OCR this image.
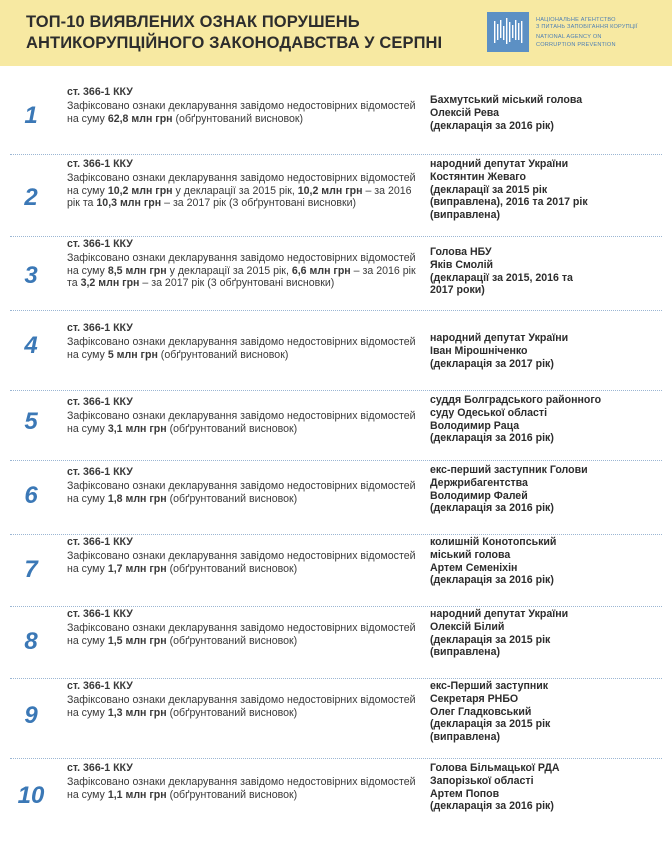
ТОП-10 ВИЯВЛЕНИХ ОЗНАК ПОРУШЕНЬ
АНТИКОРУПЦІЙНОГО ЗАКОНОДАВСТВА У СЕРПНІ
НАЦІОНАЛЬНЕ АГЕНТСТВО
З ПИТАНЬ ЗАПОБІГАННЯ КОРУПЦІЇ
NATIONAL AGENCY ON
CORRUPTION PREVENTION
1
ст. 366-1 ККУ
Зафіксовано ознаки декларування завідомо недостовірних відомостей на суму 62,8 млн грн (обґрунтований висновок)
Бахмутський міський голова
Олексій Рева
(декларація за 2016 рік)
2
ст. 366-1 ККУ
Зафіксовано ознаки декларування завідомо недостовірних відомостей на суму 10,2 млн грн у декларації за 2015 рік, 10,2 млн грн – за 2016 рік та 10,3 млн грн – за 2017 рік (3 обґрунтовані висновки)
народний депутат України
Костянтин Жеваго
(декларації за 2015 рік
(виправлена), 2016 та 2017 рік
(виправлена)
3
ст. 366-1 ККУ
Зафіксовано ознаки декларування завідомо недостовірних відомостей на суму 8,5 млн грн у декларації за 2015 рік, 6,6 млн грн – за 2016 рік та 3,2 млн грн – за 2017 рік (3 обґрунтовані висновки)
Голова НБУ
Яків Смолій
(декларації за 2015, 2016 та
2017 роки)
4
ст. 366-1 ККУ
Зафіксовано ознаки декларування завідомо недостовірних відомостей на суму 5 млн грн (обґрунтований висновок)
народний депутат України
Іван Мірошніченко
(декларація за 2017 рік)
5
ст. 366-1 ККУ
Зафіксовано ознаки декларування завідомо недостовірних відомостей на суму 3,1 млн грн (обґрунтований висновок)
суддя Болградського районного
суду Одеської області
Володимир Раца
(декларація за 2016 рік)
6
ст. 366-1 ККУ
Зафіксовано ознаки декларування завідомо недостовірних відомостей на суму 1,8 млн грн (обґрунтований висновок)
екс-перший заступник Голови
Держрибагентства
Володимир Фалей
(декларація за 2016 рік)
7
ст. 366-1 ККУ
Зафіксовано ознаки декларування завідомо недостовірних відомостей на суму 1,7 млн грн (обґрунтований висновок)
колишній Конотопський
міський голова
Артем Семеніхін
(декларація за 2016 рік)
8
ст. 366-1 ККУ
Зафіксовано ознаки декларування завідомо недостовірних відомостей на суму 1,5 млн грн (обґрунтований висновок)
народний депутат України
Олексій Білий
(декларація за 2015 рік
(виправлена)
9
ст. 366-1 ККУ
Зафіксовано ознаки декларування завідомо недостовірних відомостей на суму 1,3 млн грн (обґрунтований висновок)
екс-Перший заступник
Секретаря РНБО
Олег Гладковський
(декларація за 2015 рік
(виправлена)
10
ст. 366-1 ККУ
Зафіксовано ознаки декларування завідомо недостовірних відомостей на суму 1,1 млн грн (обґрунтований висновок)
Голова Більмацької РДА
Запорізької області
Артем Попов
(декларація за 2016 рік)
